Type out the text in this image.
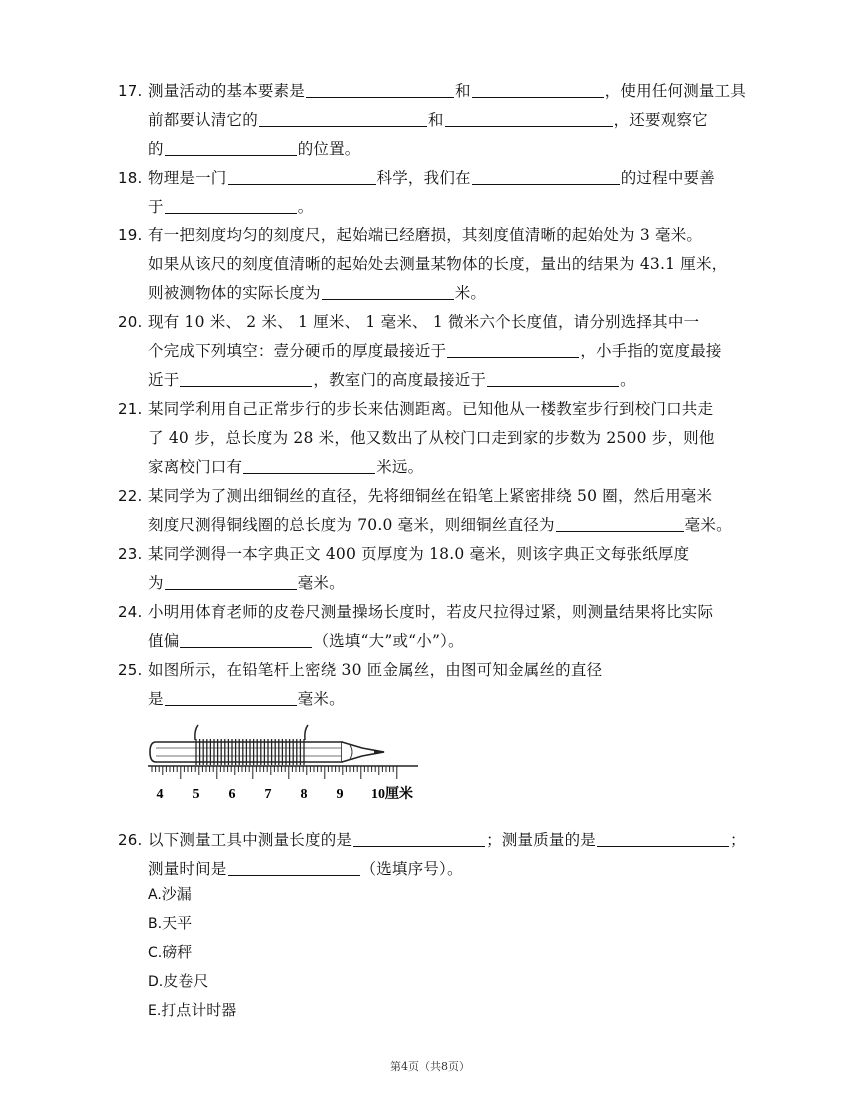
17. 测量活动的基本要素是	和	，使用任何测量工具
前都要认清它的	和	，还要观察它
的	的位置。
18. 物理是一门	科学，我们在	的过程中要善
于	。
19. 有一把刻度均匀的刻度尺，起始端已经磨损，其刻度值清晰的起始处为 3 毫米。
如果从该尺的刻度值清晰的起始处去测量某物体的长度，量出的结果为 43.1 厘米，
则被测物体的实际长度为	米。
20. 现有 10 米、 2 米、 1 厘米、 1 毫米、 1 微米六个长度值，请分别选择其中一
个完成下列填空：壹分硬币的厚度最接近于	，小手指的宽度最接
近于	，教室门的高度最接近于	。
21. 某同学利用自己正常步行的步长来估测距离。已知他从一楼教室步行到校门口共走
了 40 步，总长度为 28 米，他又数出了从校门口走到家的步数为 2500 步，则他
家离校门口有	米远。
22. 某同学为了测出细铜丝的直径，先将细铜丝在铅笔上紧密排绕 50 圈，然后用毫米
刻度尺测得铜线圈的总长度为 70.0 毫米，则细铜丝直径为	毫米。
23. 某同学测得一本字典正文 400 页厚度为 18.0 毫米，则该字典正文每张纸厚度
为	毫米。
24. 小明用体育老师的皮卷尺测量操场长度时，若皮尺拉得过紧，则测量结果将比实际
值偏	（选填“大”或“小”）。
25. 如图所示，在铅笔杆上密绕 30 匝金属丝，由图可知金属丝的直径
是	毫米。
4 5 6 7 8 9 10厘米
26. 以下测量工具中测量长度的是	；测量质量的是	；
测量时间是	（选填序号）。
A.沙漏
B.天平
C.磅秤
D.皮卷尺
E.打点计时器
第4页（共8页）
